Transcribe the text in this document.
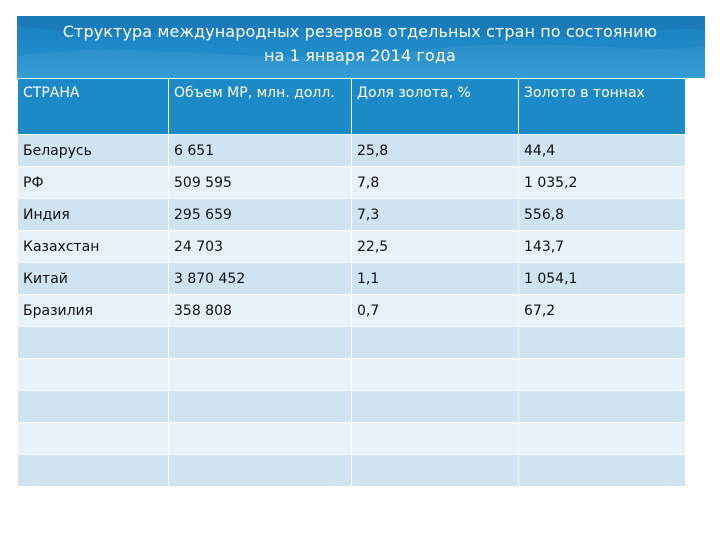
Структура международных резервов отдельных стран по состоянию
на 1 января 2014 года
СТРАНА	Объем МР, млн. долл.	Доля золота, %	Золото в тоннах
Беларусь	6 651	25,8	44,4
РФ	509 595	7,8	1 035,2
Индия	295 659	7,3	556,8
Казахстан	24 703	22,5	143,7
Китай	3 870 452	1,1	1 054,1
Бразилия	358 808	0,7	67,2
